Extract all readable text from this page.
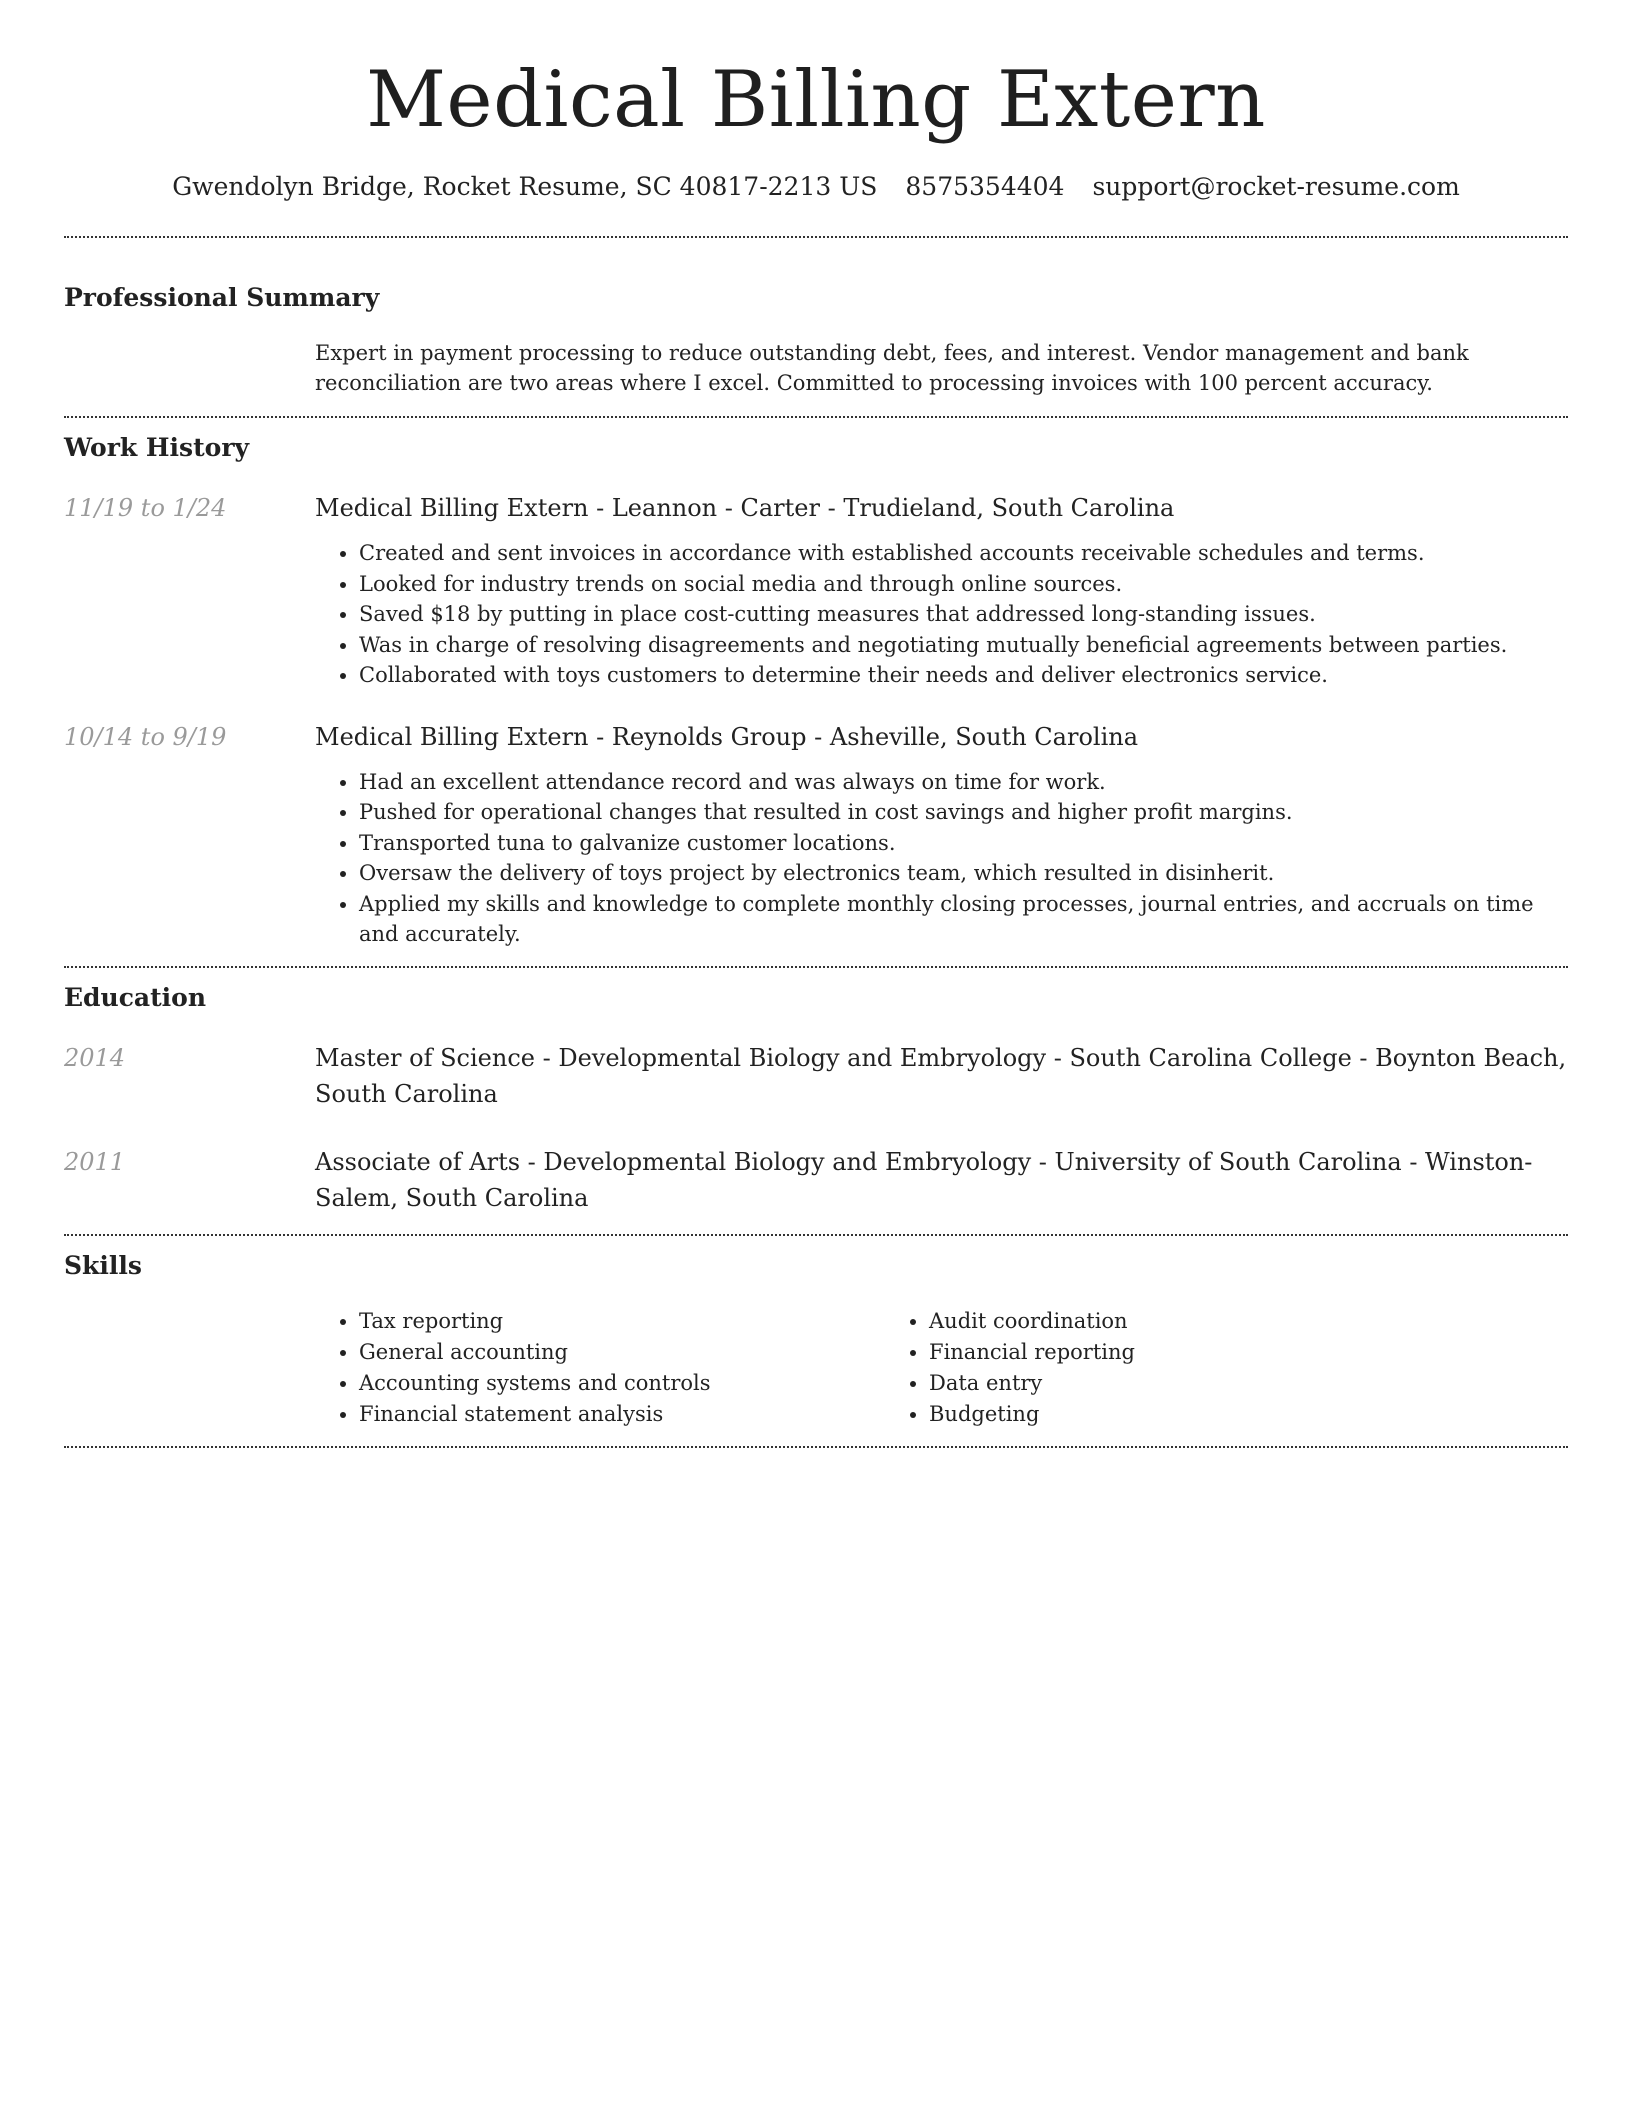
Medical Billing Extern
Gwendolyn Bridge, Rocket Resume, SC 40817-2213 US 8575354404 support@rocket-resume.com
Professional Summary

Expert in payment processing to reduce outstanding debt, fees, and interest. Vendor management and bank reconciliation are two areas where I excel. Committed to processing invoices with 100 percent accuracy.

Work History
11/19 to 1/24	Medical Billing Extern - Leannon - Carter - Trudieland, South Carolina
• Created and sent invoices in accordance with established accounts receivable schedules and terms.
• Looked for industry trends on social media and through online sources.
• Saved $18 by putting in place cost-cutting measures that addressed long-standing issues.
• Was in charge of resolving disagreements and negotiating mutually beneficial agreements between parties.
• Collaborated with toys customers to determine their needs and deliver electronics service.
10/14 to 9/19	Medical Billing Extern - Reynolds Group - Asheville, South Carolina
• Had an excellent attendance record and was always on time for work.
• Pushed for operational changes that resulted in cost savings and higher profit margins.
• Transported tuna to galvanize customer locations.
• Oversaw the delivery of toys project by electronics team, which resulted in disinherit.
• Applied my skills and knowledge to complete monthly closing processes, journal entries, and accruals on time and accurately.
Education
2014	Master of Science - Developmental Biology and Embryology - South Carolina College - Boynton Beach, South Carolina
2011	Associate of Arts - Developmental Biology and Embryology - University of South Carolina - Winston-Salem, South Carolina
Skills
• Tax reporting
• General accounting
• Accounting systems and controls
• Financial statement analysis
• Audit coordination
• Financial reporting
• Data entry
• Budgeting
